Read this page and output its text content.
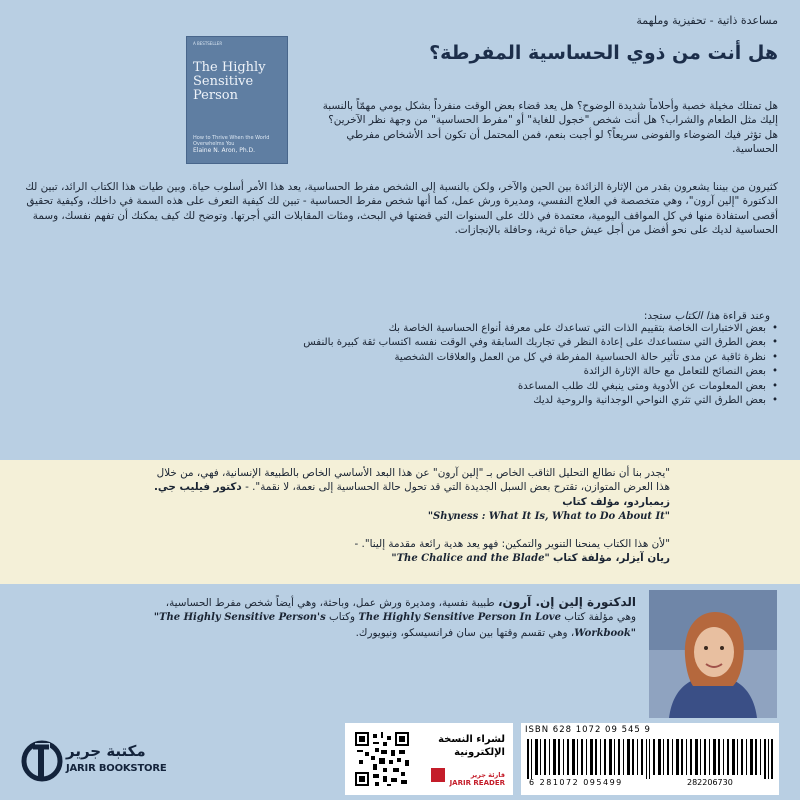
مساعدة ذاتية - تحفيزية وملهمة
هل أنت من ذوي الحساسية المفرطة؟
A BESTSELLER
The Highly Sensitive Person
How to Thrive When the World Overwhelms You
Elaine N. Aron, Ph.D.
هل تمتلك مخيلة خصبة وأحلاماً شديدة الوضوح؟ هل يعد قضاء بعض الوقت منفرداً بشكل يومي مهمّاً بالنسبة إليك مثل الطعام والشراب؟ هل أنت شخص "خجول للغاية" أو "مفرط الحساسية" من وجهة نظر الآخرين؟ هل تؤثر فيك الضوضاء والفوضى سريعاً؟ لو أجبت بنعم، فمن المحتمل أن تكون أحد الأشخاص مفرطي الحساسية.
كثيرون من بيننا يشعرون بقدر من الإثارة الزائدة بين الحين والآخر، ولكن بالنسبة إلى الشخص مفرط الحساسية، يعد هذا الأمر أسلوب حياة. وبين طيات هذا الكتاب الرائد، تبين لك الدكتورة "إلين آرون"، وهي متخصصة في العلاج النفسي، ومديرة ورش عمل، كما أنها شخص مفرط الحساسية - تبين لك كيفية التعرف على هذه السمة في داخلك، وكيفية تحقيق أقصى استفادة منها في كل المواقف اليومية، معتمدة في ذلك على السنوات التي قضتها في البحث، ومئات المقابلات التي أجرتها. وتوضح لك كيف يمكنك أن تفهم نفسك، وسمة الحساسية لديك على نحو أفضل من أجل عيش حياة ثرية، وحافلة بالإنجازات.
وعند قراءة هذا الكتاب ستجد:
• بعض الاختبارات الخاصة بتقييم الذات التي تساعدك على معرفة أنواع الحساسية الخاصة بك
• بعض الطرق التي ستساعدك على إعادة النظر في تجاربك السابقة وفي الوقت نفسه اكتساب ثقة كبيرة بالنفس
• نظرة ثاقبة عن مدى تأثير حالة الحساسية المفرطة في كل من العمل والعلاقات الشخصية
• بعض النصائح للتعامل مع حالة الإثارة الزائدة
• بعض المعلومات عن الأدوية ومتى ينبغي لك طلب المساعدة
• بعض الطرق التي تثري النواحي الوجدانية والروحية لديك
"يجدر بنا أن نطالع التحليل الثاقب الخاص بـ "إلين آرون" عن هذا البعد الأساسي الخاص بالطبيعة الإنسانية، فهي، من خلال هذا العرض المتوازن، تقترح بعض السبل الجديدة التي قد تحول حالة الحساسية إلى نعمة، لا نقمة". - دكتور فيليب جي. زيمباردو، مؤلف كتاب
"Shyness : What It Is, What to Do About It"
"لأن هذا الكتاب يمنحنا التنوير والتمكين: فهو يعد هدية رائعة مقدمة إلينا". -
ريان آيزلر، مؤلفة كتاب "The Chalice and the Blade"
الدكتورة إلين إن. آرون، طبيبة نفسية، ومديرة ورش عمل، وباحثة، وهي أيضاً شخص مفرط الحساسية، وهي مؤلفة كتاب The Highly Sensitive Person In Love وكتاب "The Highly Sensitive Person's Workbook"، وهي تقسم وقتها بين سان فرانسيسكو، ونيويورك.
ISBN 628 1072 09 545 9
6 281072 095499	282206730
لشراء النسخة
الإلكترونية
قارئة جرير
JARIR READER
مكتبة جرير
JARIR BOOKSTORE
